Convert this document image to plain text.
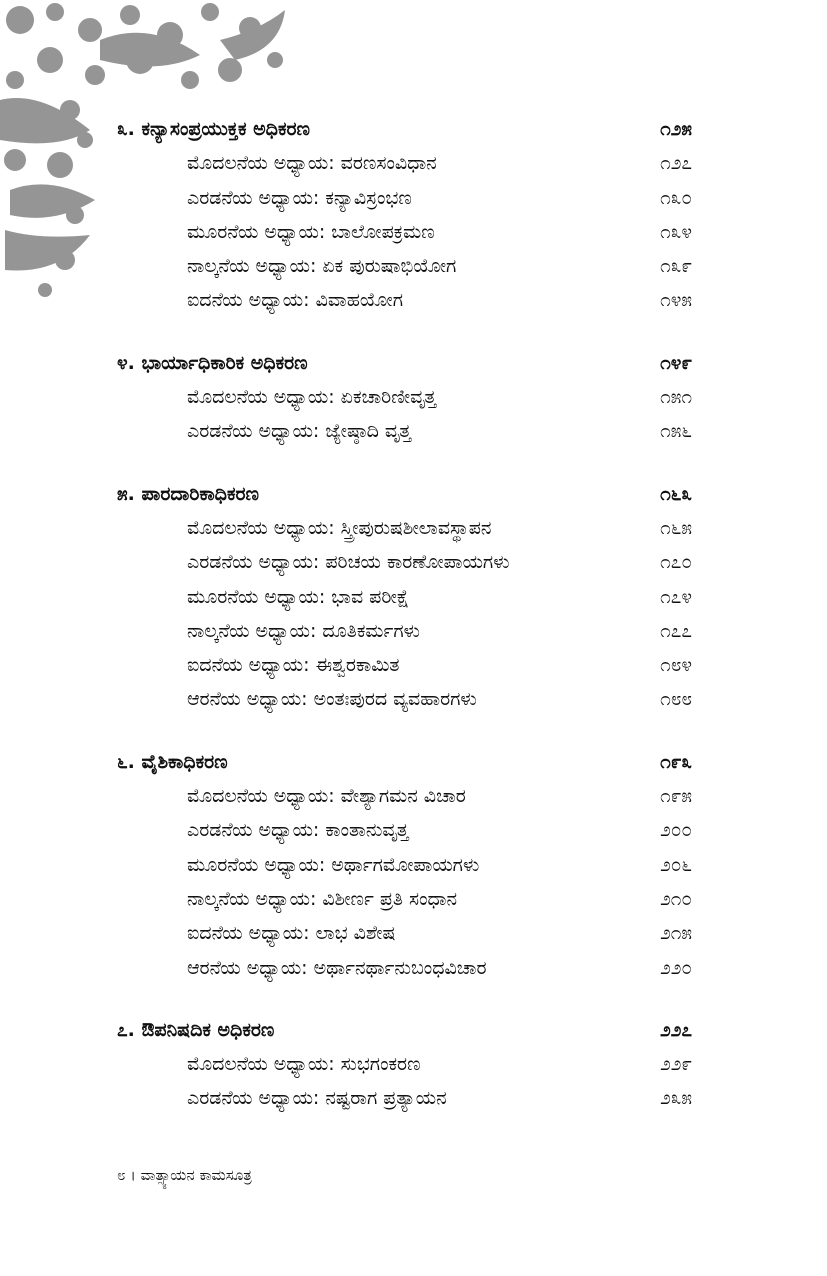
೩. ಕನ್ಯಾಸಂಪ್ರಯುಕ್ತಕ ಅಧಿಕರಣ	೧೨೫
ಮೊದಲನೆಯ ಅಧ್ಯಾಯ: ವರಣಸಂವಿಧಾನ	೧೨೭
ಎರಡನೆಯ ಅಧ್ಯಾಯ: ಕನ್ಯಾವಿಸ್ರಂಭಣ	೧೩೦
ಮೂರನೆಯ ಅಧ್ಯಾಯ: ಬಾಲೋಪಕ್ರಮಣ	೧೩೪
ನಾಲ್ಕನೆಯ ಅಧ್ಯಾಯ: ಏಕ ಪುರುಷಾಭಿಯೋಗ	೧೩೯
ಐದನೆಯ ಅಧ್ಯಾಯ: ವಿವಾಹಯೋಗ	೧೪೫
೪. ಭಾರ್ಯಾಧಿಕಾರಿಕ ಅಧಿಕರಣ	೧೪೯
ಮೊದಲನೆಯ ಅಧ್ಯಾಯ: ಏಕಚಾರಿಣೀವೃತ್ತ	೧೫೧
ಎರಡನೆಯ ಅಧ್ಯಾಯ: ಜ್ಯೇಷ್ಠಾದಿ ವೃತ್ತ	೧೫೬
೫. ಪಾರದಾರಿಕಾಧಿಕರಣ	೧೬೩
ಮೊದಲನೆಯ ಅಧ್ಯಾಯ: ಸ್ತ್ರೀಪುರುಷಶೀಲಾವಸ್ಥಾಪನ	೧೬೫
ಎರಡನೆಯ ಅಧ್ಯಾಯ: ಪರಿಚಯ ಕಾರಣೋಪಾಯಗಳು	೧೭೦
ಮೂರನೆಯ ಅಧ್ಯಾಯ: ಭಾವ ಪರೀಕ್ಷೆ	೧೭೪
ನಾಲ್ಕನೆಯ ಅಧ್ಯಾಯ: ದೂತಿಕರ್ಮಗಳು	೧೭೭
ಐದನೆಯ ಅಧ್ಯಾಯ: ಈಶ್ವರಕಾಮಿತ	೧೮೪
ಆರನೆಯ ಅಧ್ಯಾಯ: ಅಂತಃಪುರದ ವ್ಯವಹಾರಗಳು	೧೮೮
೬. ವೈಶಿಕಾಧಿಕರಣ	೧೯೩
ಮೊದಲನೆಯ ಅಧ್ಯಾಯ: ವೇಶ್ಯಾಗಮನ ವಿಚಾರ	೧೯೫
ಎರಡನೆಯ ಅಧ್ಯಾಯ: ಕಾಂತಾನುವೃತ್ತ	೨೦೦
ಮೂರನೆಯ ಅಧ್ಯಾಯ: ಅರ್ಥಾಗಮೋಪಾಯಗಳು	೨೦೬
ನಾಲ್ಕನೆಯ ಅಧ್ಯಾಯ: ವಿಶೀರ್ಣ ಪ್ರತಿ ಸಂಧಾನ	೨೧೦
ಐದನೆಯ ಅಧ್ಯಾಯ: ಲಾಭ ವಿಶೇಷ	೨೧೫
ಆರನೆಯ ಅಧ್ಯಾಯ: ಅರ್ಥಾನರ್ಥಾನುಬಂಧವಿಚಾರ	೨೨೦
೭. ಔಪನಿಷದಿಕ ಅಧಿಕರಣ	೨೨೭
ಮೊದಲನೆಯ ಅಧ್ಯಾಯ: ಸುಭಗಂಕರಣ	೨೨೯
ಎರಡನೆಯ ಅಧ್ಯಾಯ: ನಷ್ಟರಾಗ ಪ್ರತ್ಯಾಯನ	೨೩೫
೮ । ವಾತ್ಸ್ಯಾಯನ ಕಾಮಸೂತ್ರ
